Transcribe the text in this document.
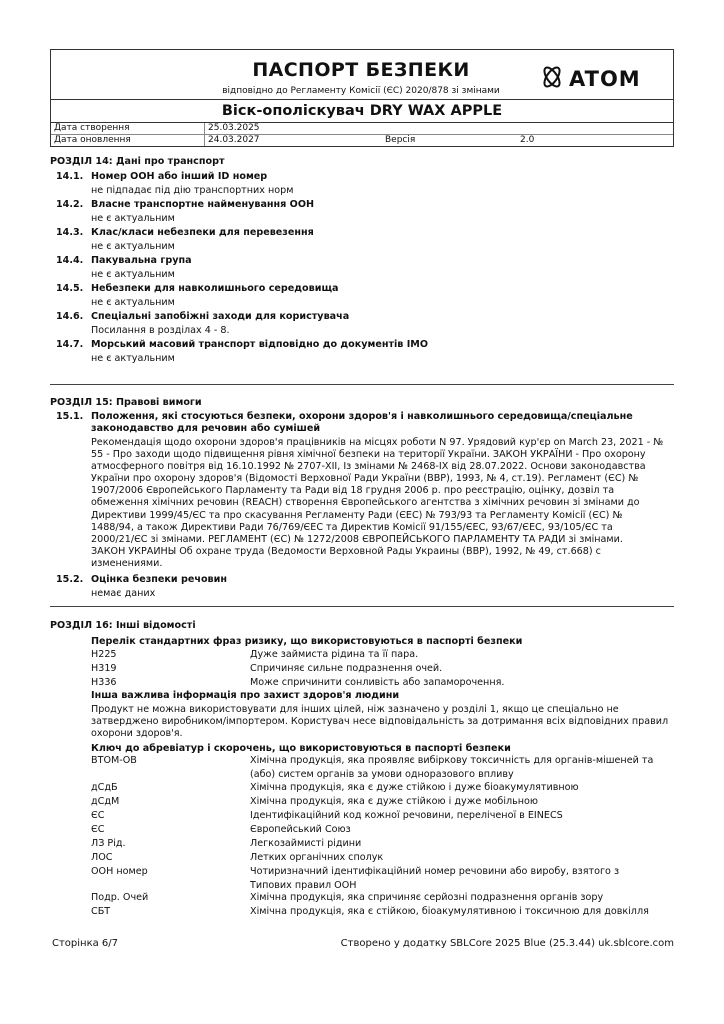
ПАСПОРТ БЕЗПЕКИ
відповідно до Регламенту Комісії (ЄС) 2020/878 зі змінами	ATOM
Віск-ополіскувач DRY WAX APPLE
Дата створення	25.03.2025
Дата оновлення	24.03.2027	Версія	2.0
РОЗДІЛ 14: Дані про транспорт
14.1. Номер ООН або інший ID номер
не підпадає під дію транспортних норм
14.2. Власне транспортне найменування ООН
не є актуальним
14.3. Клас/класи небезпеки для перевезення
не є актуальним
14.4. Пакувальна група
не є актуальним
14.5. Небезпеки для навколишнього середовища
не є актуальним
14.6. Спеціальні запобіжні заходи для користувача
Посилання в розділах 4 - 8.
14.7. Морський масовий транспорт відповідно до документів IMO
не є актуальним
РОЗДІЛ 15: Правові вимоги
15.1. Положення, які стосуються безпеки, охорони здоров'я і навколишнього середовища/спеціальне
законодавство для речовин або сумішей
Рекомендація щодо охорони здоров'я працівників на місцях роботи N 97. Урядовий кур'єр on March 23, 2021 - №
55 - Про заходи щодо підвищення рівня хімічної безпеки на території України. ЗАКОН УКРАЇНИ - Про охорону
атмосферного повітря від 16.10.1992 № 2707-XII, Із змінами № 2468-IX від 28.07.2022. Основи законодавства
України про охорону здоров'я (Відомості Верховної Ради України (ВВР), 1993, № 4, ст.19). Регламент (ЄС) №
1907/2006 Європейського Парламенту та Ради від 18 грудня 2006 р. про реєстрацію, оцінку, дозвіл та
обмеження хімічних речовин (REACH) створення Європейського агентства з хімічних речовин зі змінами до
Директиви 1999/45/ЄС та про скасування Регламенту Ради (ЄЕС) № 793/93 та Регламенту Комісії (ЄС) №
1488/94, а також Директиви Ради 76/769/ЄЕС та Директив Комісії 91/155/ЄЕС, 93/67/ЄЕС, 93/105/ЄС та
2000/21/ЄС зі змінами. РЕГЛАМЕНТ (ЄС) № 1272/2008 ЄВРОПЕЙСЬКОГО ПАРЛАМЕНТУ ТА РАДИ зі змінами.
ЗАКОН УКРАИНЫ Об охране труда (Ведомости Верховной Рады Украины (ВВР), 1992, № 49, ст.668) с
изменениями.
15.2. Оцінка безпеки речовин
немає даних
РОЗДІЛ 16: Інші відомості
Перелік стандартних фраз ризику, що використовуються в паспорті безпеки
H225	Дуже займиста рідина та її пара.
H319	Спричиняє сильне подразнення очей.
H336	Може спричинити сонливість або запаморочення.
Інша важлива інформація про захист здоров'я людини
Продукт не можна використовувати для інших цілей, ніж зазначено у розділі 1, якщо це спеціально не
затверджено виробником/імпортером. Користувач несе відповідальність за дотримання всіх відповідних правил
охорони здоров'я.
Ключ до абревіатур і скорочень, що використовуються в паспорті безпеки
ВТОМ-ОВ	Хімічна продукція, яка проявляє вибіркову токсичність для органів-мішеней та
(або) систем органів за умови одноразового впливу
дСдБ	Хімічна продукція, яка є дуже стійкою і дуже біоакумулятивною
дСдМ	Хімічна продукція, яка є дуже стійкою і дуже мобільною
ЄС	Ідентифікаційний код кожної речовини, переліченої в EINECS
ЄС	Європейський Союз
ЛЗ Рід.	Легкозаймисті рідини
ЛОС	Летких органічних сполук
ООН номер	Чотиризначний ідентифікаційний номер речовини або виробу, взятого з
Типових правил ООН
Подр. Очей	Хімічна продукція, яка спричиняє серйозні подразнення органів зору
СБТ	Хімічна продукція, яка є стійкою, біоакумулятивною і токсичною для довкілля
Сторінка 6/7	Створено у додатку SBLCore 2025 Blue (25.3.44) uk.sblcore.com
